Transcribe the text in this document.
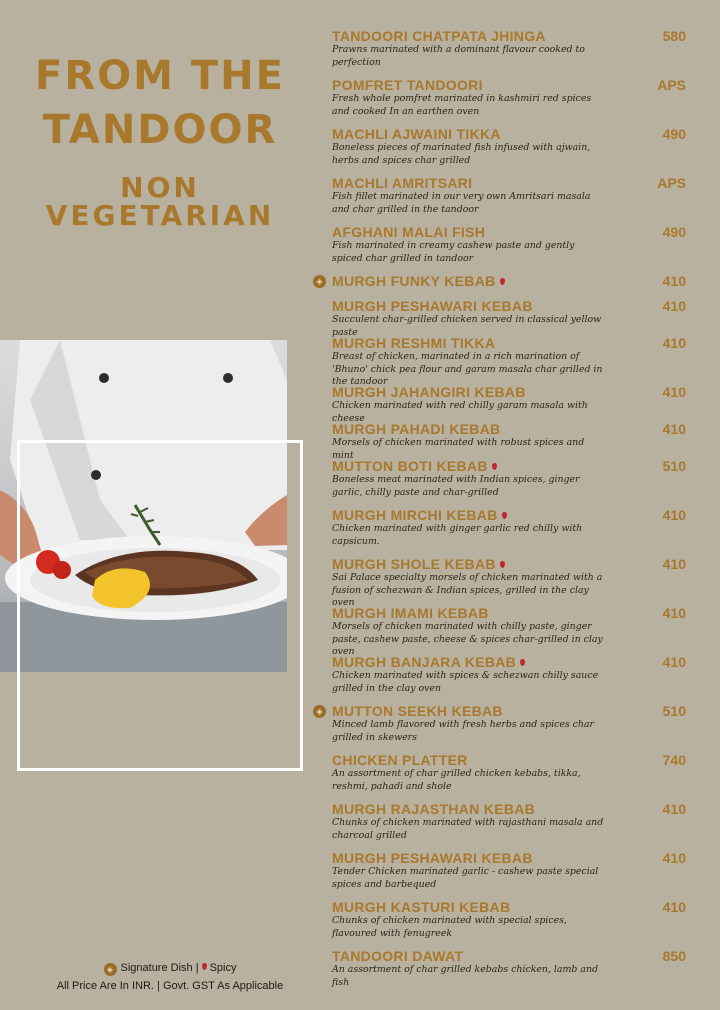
FROM THE
TANDOOR
NON VEGETARIAN
TANDOORI CHATPATA JHINGA	580
Prawns marinated with a dominant flavour cooked to perfection
POMFRET TANDOORI	APS
Fresh whole pomfret marinated in kashmiri red spices and cooked In an earthen oven
MACHLI AJWAINI TIKKA	490
Boneless pieces of marinated fish infused with ajwain, herbs and spices char grilled
MACHLI AMRITSARI	APS
Fish fillet marinated in our very own Amritsari masala and char grilled in the tandoor
AFGHANI MALAI FISH	490
Fish marinated in creamy cashew paste and gently spiced char grilled in tandoor
◈ MURGH FUNKY KEBAB	410
MURGH PESHAWARI KEBAB	410
Succulent char-grilled chicken served in classical yellow paste
MURGH RESHMI TIKKA	410
Breast of chicken, marinated in a rich marination of 'Bhuno' chick pea flour and garam masala char grilled in the tandoor
MURGH JAHANGIRI KEBAB	410
Chicken marinated with red chilly garam masala with cheese
MURGH PAHADI KEBAB	410
Morsels of chicken marinated with robust spices and mint
MUTTON BOTI KEBAB	510
Boneless meat marinated with Indian spices, ginger garlic, chilly paste and char-grilled
MURGH MIRCHI KEBAB	410
Chicken marinated with ginger garlic red chilly with capsicum.
MURGH SHOLE KEBAB	410
Sai Palace specialty morsels of chicken marinated with a fusion of schezwan & Indian spices, grilled in the clay oven
MURGH IMAMI KEBAB	410
Morsels of chicken marinated with chilly paste, ginger paste, cashew paste, cheese & spices char-grilled in clay oven
MURGH BANJARA KEBAB	410
Chicken marinated with spices & schezwan chilly sauce grilled in the clay oven
◈ MUTTON SEEKH KEBAB	510
Minced lamb flavored with fresh herbs and spices char grilled in skewers
CHICKEN PLATTER	740
An assortment of char grilled chicken kebabs, tikka, reshmi, pahadi and shole
MURGH RAJASTHAN KEBAB	410
Chunks of chicken marinated with rajasthani masala and charcoal grilled
MURGH PESHAWARI KEBAB	410
Tender Chicken marinated garlic - cashew paste special spices and barbequed
MURGH KASTURI KEBAB	410
Chunks of chicken marinated with special spices, flavoured with fenugreek
TANDOORI DAWAT	850
An assortment of char grilled kebabs chicken, lamb and fish
◈ Signature Dish | Spicy
All Price Are In INR. | Govt. GST As Applicable
